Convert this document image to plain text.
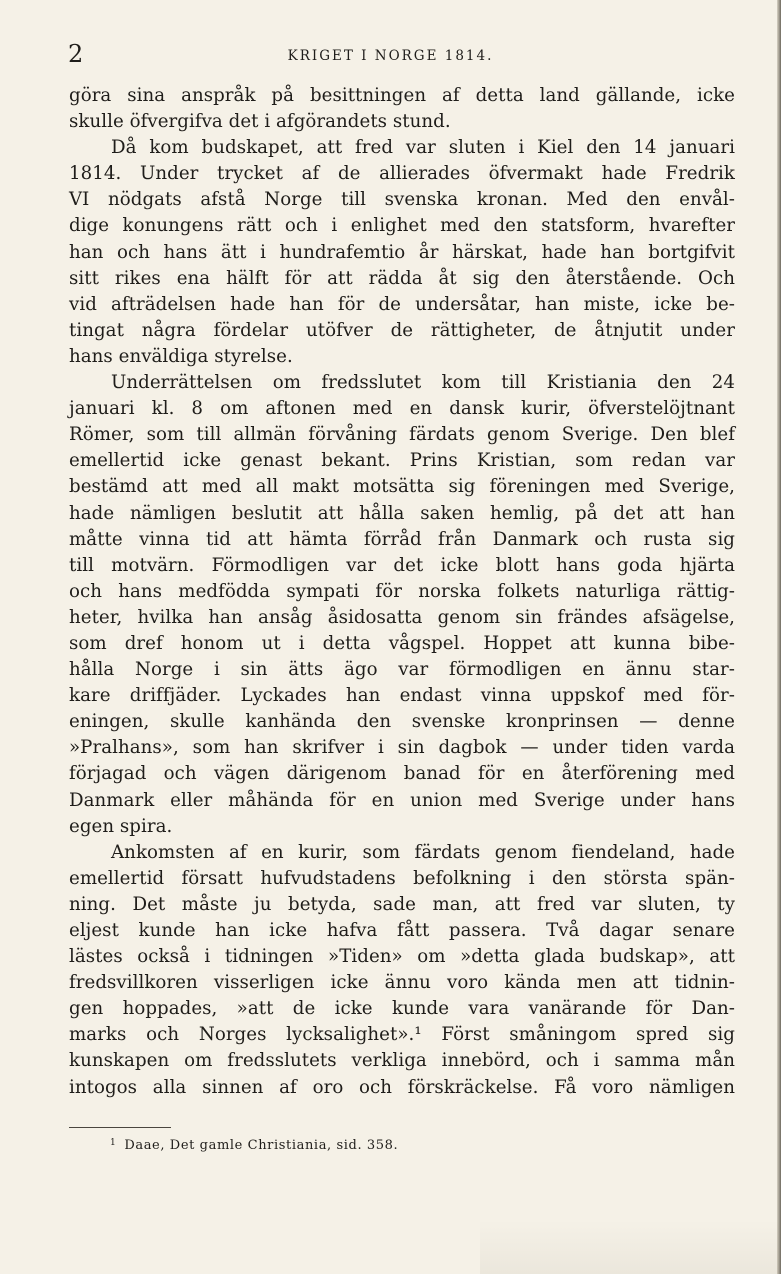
2	KRIGET I NORGE 1814.
göra sina anspråk på besittningen af detta land gällande, icke
skulle öfvergifva det i afgörandets stund.
Då kom budskapet, att fred var sluten i Kiel den 14 januari
1814. Under trycket af de allierades öfvermakt hade Fredrik
VI nödgats afstå Norge till svenska kronan. Med den envål-
dige konungens rätt och i enlighet med den statsform, hvarefter
han och hans ätt i hundrafemtio år härskat, hade han bortgifvit
sitt rikes ena hälft för att rädda åt sig den återstående. Och
vid afträdelsen hade han för de undersåtar, han miste, icke be-
tingat några fördelar utöfver de rättigheter, de åtnjutit under
hans enväldiga styrelse.
Underrättelsen om fredsslutet kom till Kristiania den 24
januari kl. 8 om aftonen med en dansk kurir, öfverstelöjtnant
Römer, som till allmän förvåning färdats genom Sverige. Den blef
emellertid icke genast bekant. Prins Kristian, som redan var
bestämd att med all makt motsätta sig föreningen med Sverige,
hade nämligen beslutit att hålla saken hemlig, på det att han
måtte vinna tid att hämta förråd från Danmark och rusta sig
till motvärn. Förmodligen var det icke blott hans goda hjärta
och hans medfödda sympati för norska folkets naturliga rättig-
heter, hvilka han ansåg åsidosatta genom sin frändes afsägelse,
som dref honom ut i detta vågspel. Hoppet att kunna bibe-
hålla Norge i sin ätts ägo var förmodligen en ännu star-
kare driffjäder. Lyckades han endast vinna uppskof med för-
eningen, skulle kanhända den svenske kronprinsen — denne
»Pralhans», som han skrifver i sin dagbok — under tiden varda
förjagad och vägen därigenom banad för en återförening med
Danmark eller måhända för en union med Sverige under hans
egen spira.
Ankomsten af en kurir, som färdats genom fiendeland, hade
emellertid försatt hufvudstadens befolkning i den största spän-
ning. Det måste ju betyda, sade man, att fred var sluten, ty
eljest kunde han icke hafva fått passera. Två dagar senare
lästes också i tidningen »Tiden» om »detta glada budskap», att
fredsvillkoren visserligen icke ännu voro kända men att tidnin-
gen hoppades, »att de icke kunde vara vanärande för Dan-
marks och Norges lycksalighet».¹ Först småningom spred sig
kunskapen om fredsslutets verkliga innebörd, och i samma mån
intogos alla sinnen af oro och förskräckelse. Få voro nämligen
$^1$ Daae, Det gamle Christiania, sid. 358.
